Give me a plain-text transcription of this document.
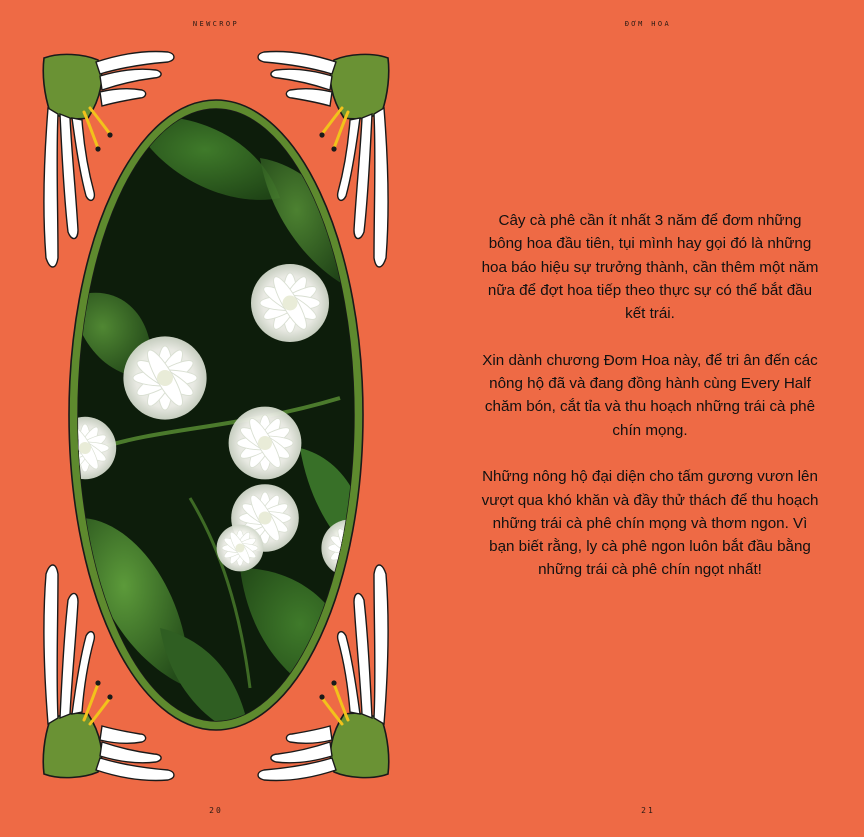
NEWCROP
20
ĐƠM HOA
21

Cây cà phê cần ít nhất 3 năm để đơm những bông hoa đầu tiên, tụi mình hay gọi đó là những hoa báo hiệu sự trưởng thành, cần thêm một năm nữa để đợt hoa tiếp theo thực sự có thể bắt đầu kết trái.

Xin dành chương Đơm Hoa này, để tri ân đến các nông hộ đã và đang đồng hành cùng Every Half chăm bón, cắt tỉa và thu hoạch những trái cà phê chín mọng.

Những nông hộ đại diện cho tấm gương vươn lên vượt qua khó khăn và đầy thử thách để thu hoạch những trái cà phê chín mọng và thơm ngon. Vì bạn biết rằng, ly cà phê ngon luôn bắt đầu bằng những trái cà phê chín ngọt nhất!
